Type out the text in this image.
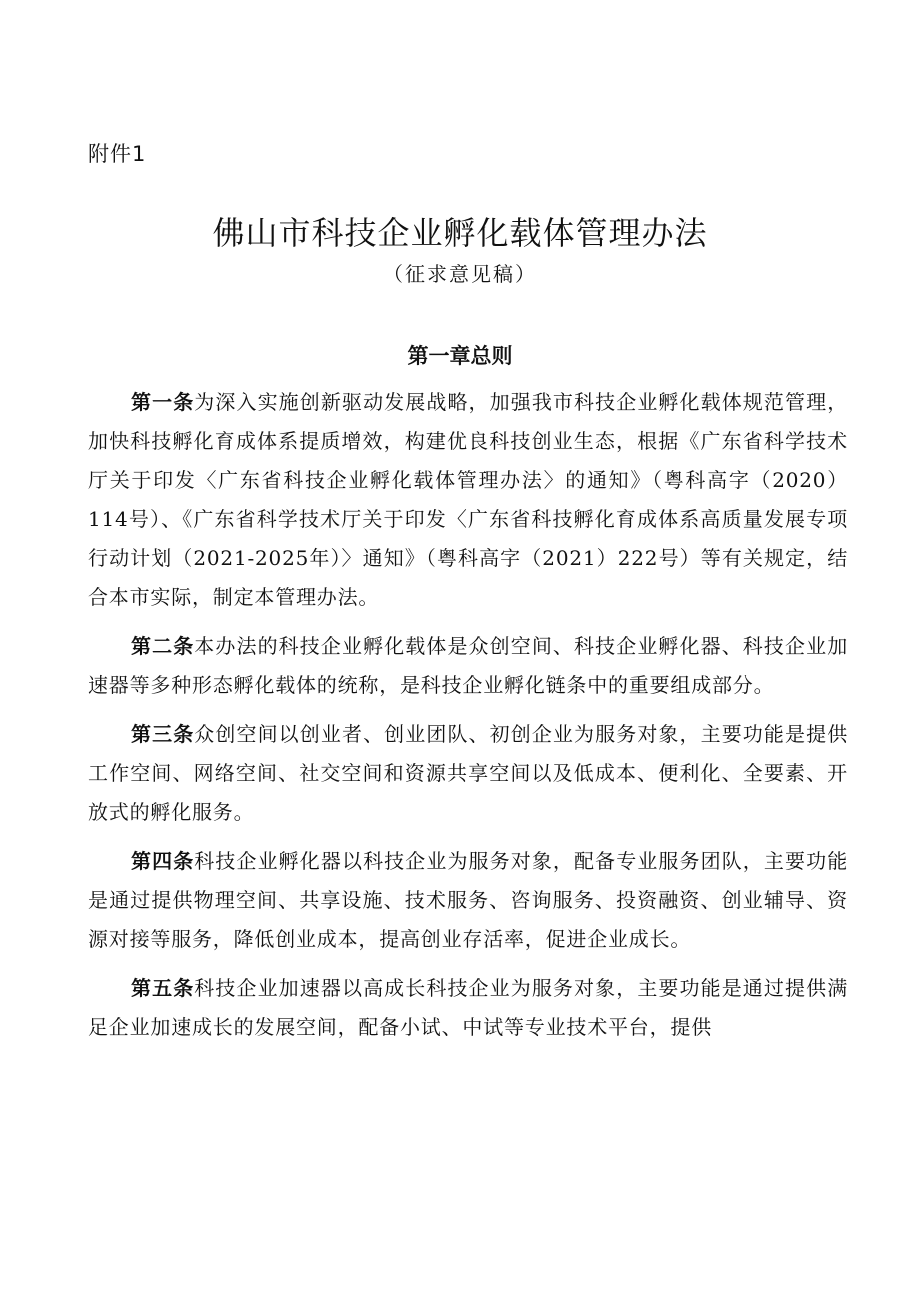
附件1
佛山市科技企业孵化载体管理办法
（征求意见稿）
第一章总则

第一条为深入实施创新驱动发展战略，加强我市科技企业孵化载体规范管理，加快科技孵化育成体系提质增效，构建优良科技创业生态，根据《广东省科学技术厅关于印发〈广东省科技企业孵化载体管理办法〉的通知》（粤科高字（2020）114号）、《广东省科学技术厅关于印发〈广东省科技孵化育成体系高质量发展专项行动计划（2021-2025年）〉通知》（粤科高字（2021）222号）等有关规定，结合本市实际，制定本管理办法。

第二条本办法的科技企业孵化载体是众创空间、科技企业孵化器、科技企业加速器等多种形态孵化载体的统称，是科技企业孵化链条中的重要组成部分。

第三条众创空间以创业者、创业团队、初创企业为服务对象，主要功能是提供工作空间、网络空间、社交空间和资源共享空间以及低成本、便利化、全要素、开放式的孵化服务。

第四条科技企业孵化器以科技企业为服务对象，配备专业服务团队，主要功能是通过提供物理空间、共享设施、技术服务、咨询服务、投资融资、创业辅导、资源对接等服务，降低创业成本，提高创业存活率，促进企业成长。

第五条科技企业加速器以高成长科技企业为服务对象，主要功能是通过提供满足企业加速成长的发展空间，配备小试、中试等专业技术平台，提供
